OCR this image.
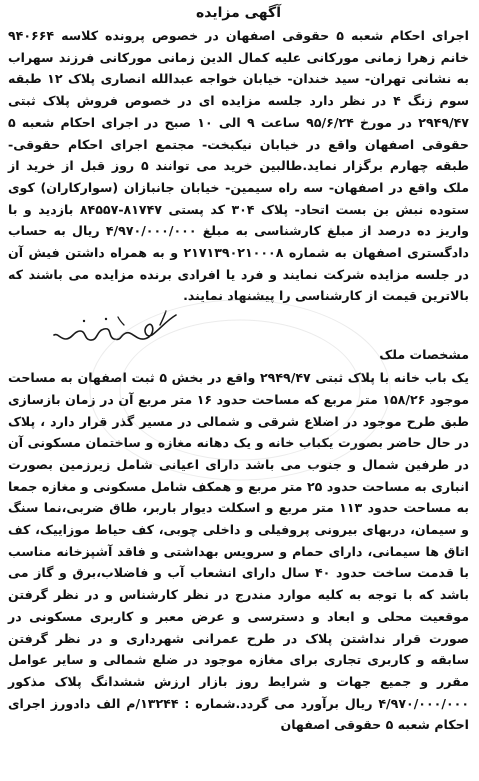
آگهی مزایده

اجرای احکام شعبه ۵ حقوقی اصفهان در خصوص پرونده کلاسه ۹۴۰۶۶۴ خانم زهرا زمانی مورکانی علیه کمال الدین زمانی مورکانی فرزند سهراب به نشانی تهران- سید خندان- خیابان خواجه عبدالله انصاری پلاک ۱۲ طبقه سوم زنگ ۴ در نظر دارد جلسه مزایده ای در خصوص فروش پلاک ثبتی ۲۹۴۹/۴۷ در مورخ ۹۵/۶/۲۴ ساعت ۹ الی ۱۰ صبح در اجرای احکام شعبه ۵ حقوقی اصفهان واقع در خیابان نیکبخت- مجتمع اجرای احکام حقوقی- طبقه چهارم برگزار نماید.طالبین خرید می توانند ۵ روز قبل از خرید از ملک واقع در اصفهان- سه راه سیمین- خیابان جانبازان (سوارکاران) کوی ستوده نبش بن بست اتحاد- پلاک ۳۰۴ کد پستی ۸۱۷۴۷-۸۴۵۵۷ بازدید و با واریز ده درصد از مبلغ کارشناسی به مبلغ ۴/۹۷۰/۰۰۰/۰۰۰ ریال به حساب دادگستری اصفهان به شماره ۲۱۷۱۳۹۰۲۱۰۰۰۸ و به همراه داشتن فیش آن در جلسه مزایده شرکت نمایند و فرد یا افرادی برنده مزایده می باشند که بالاترین قیمت از کارشناسی را پیشنهاد نمایند.

مشخصات ملک

یک باب خانه با پلاک ثبتی ۲۹۴۹/۴۷ واقع در بخش ۵ ثبت اصفهان به مساحت موجود ۱۵۸/۲۶ متر مربع که مساحت حدود ۱۶ متر مربع آن در زمان بازسازی طبق طرح موجود در اضلاع شرقی و شمالی در مسیر گذر قرار دارد ، پلاک در حال حاضر بصورت یکباب خانه و یک دهانه مغازه و ساختمان مسکونی آن در طرفین شمال و جنوب می باشد دارای اعیانی شامل زیرزمین بصورت انباری به مساحت حدود ۲۵ متر مربع و همکف شامل مسکونی و مغازه جمعا به مساحت حدود ۱۱۳ متر مربع و اسکلت دیوار باربر، طاق ضربی،نما سنگ و سیمان، دربهای بیرونی پروفیلی و داخلی چوبی، کف حیاط موزاییک، کف اتاق ها سیمانی، دارای حمام و سرویس بهداشتی و فاقد آشپزخانه مناسب با قدمت ساخت حدود ۴۰ سال دارای انشعاب آب و فاضلاب،برق و گاز می باشد که با توجه به کلیه موارد مندرج در نظر کارشناس و در نظر گرفتن موقعیت محلی و ابعاد و دسترسی و عرض معبر و کاربری مسکونی در صورت قرار نداشتن پلاک در طرح عمرانی شهرداری و در نظر گرفتن سابقه و کاربری تجاری برای مغازه موجود در ضلع شمالی و سایر عوامل مقرر و جمیع جهات و شرایط روز بازار ارزش ششدانگ پلاک مذکور ۴/۹۷۰/۰۰۰/۰۰۰ ریال برآورد می گردد.شماره : ۱۳۲۴۴/م الف دادورز اجرای احکام شعبه ۵ حقوقی اصفهان
